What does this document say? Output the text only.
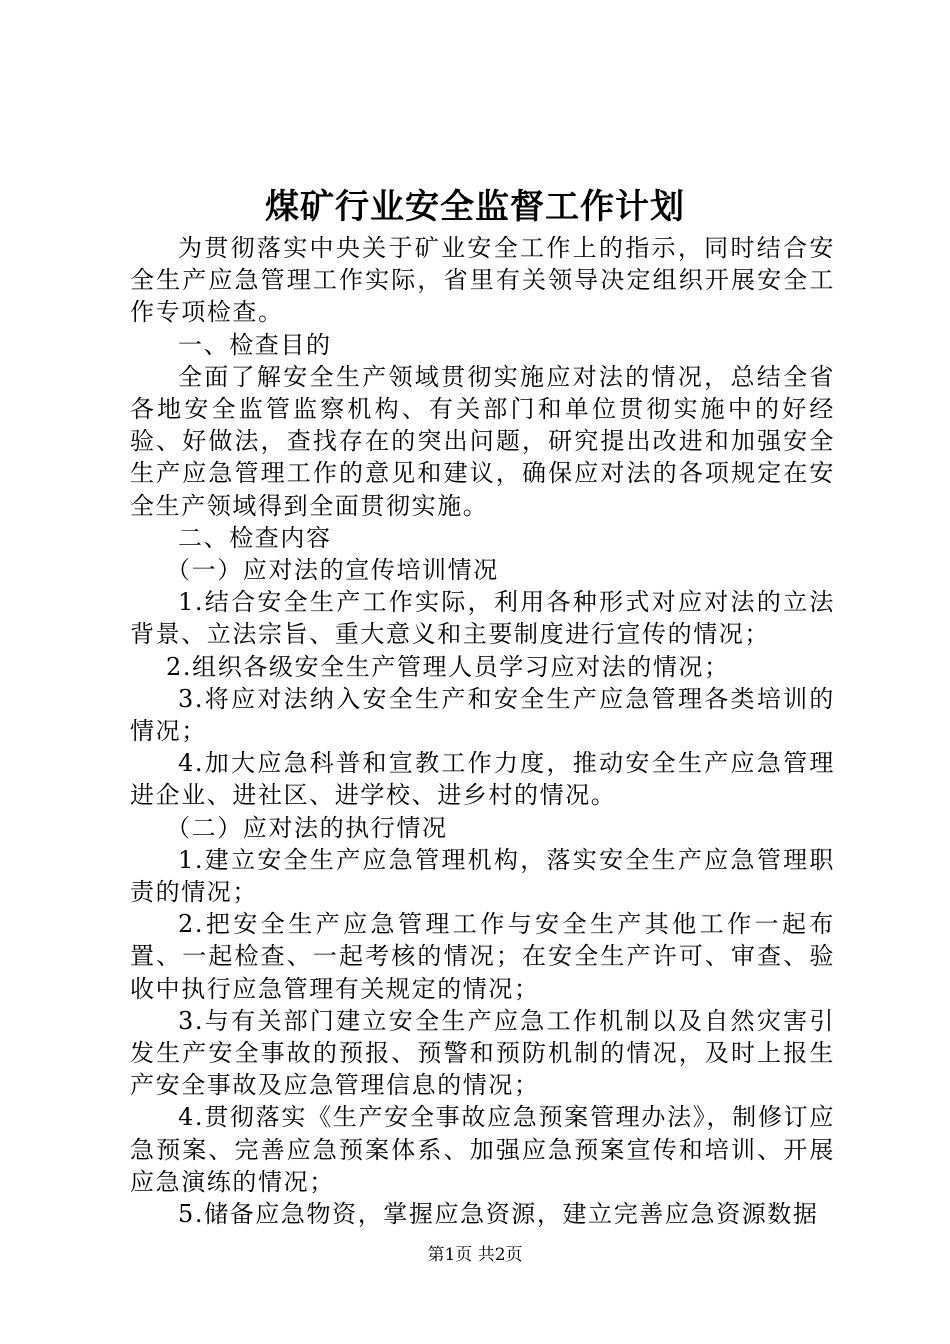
煤矿行业安全监督工作计划

为贯彻落实中央关于矿业安全工作上的指示，同时结合安全生产应急管理工作实际，省里有关领导决定组织开展安全工作专项检查。

一、检查目的

全面了解安全生产领域贯彻实施应对法的情况，总结全省各地安全监管监察机构、有关部门和单位贯彻实施中的好经验、好做法，查找存在的突出问题，研究提出改进和加强安全生产应急管理工作的意见和建议，确保应对法的各项规定在安全生产领域得到全面贯彻实施。

二、检查内容

（一）应对法的宣传培训情况

1.结合安全生产工作实际，利用各种形式对应对法的立法背景、立法宗旨、重大意义和主要制度进行宣传的情况；

2.组织各级安全生产管理人员学习应对法的情况；

3.将应对法纳入安全生产和安全生产应急管理各类培训的情况；

4.加大应急科普和宣教工作力度，推动安全生产应急管理进企业、进社区、进学校、进乡村的情况。

（二）应对法的执行情况

1.建立安全生产应急管理机构，落实安全生产应急管理职责的情况；

2.把安全生产应急管理工作与安全生产其他工作一起布置、一起检查、一起考核的情况；在安全生产许可、审查、验收中执行应急管理有关规定的情况；

3.与有关部门建立安全生产应急工作机制以及自然灾害引发生产安全事故的预报、预警和预防机制的情况，及时上报生产安全事故及应急管理信息的情况；

4.贯彻落实《生产安全事故应急预案管理办法》，制修订应急预案、完善应急预案体系、加强应急预案宣传和培训、开展应急演练的情况；

5.储备应急物资，掌握应急资源，建立完善应急资源数据

第1页 共2页
